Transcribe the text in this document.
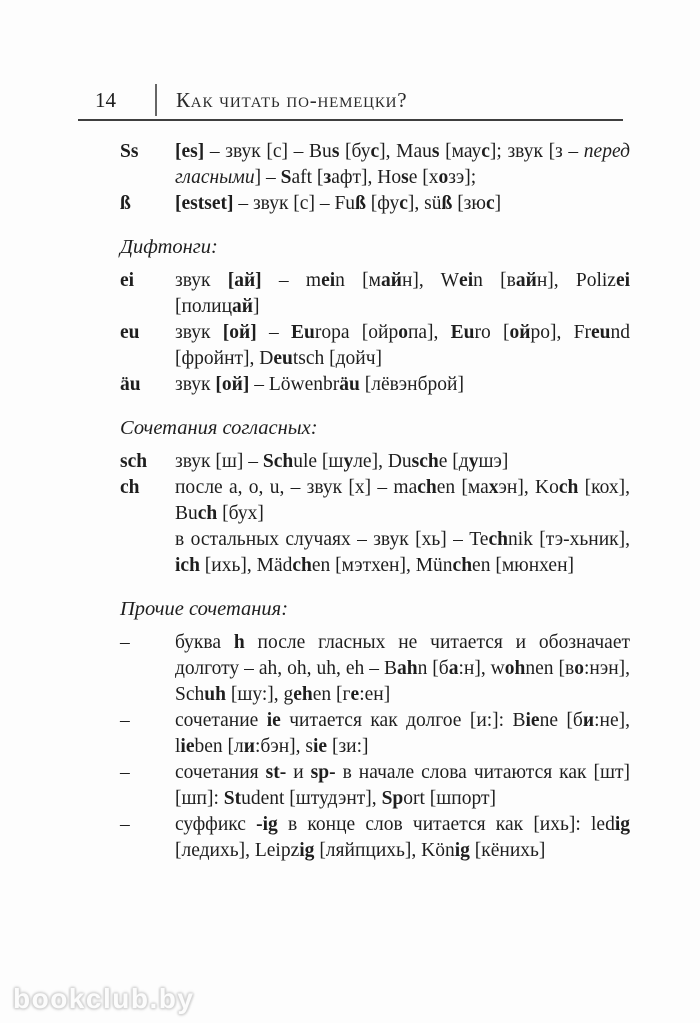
14	Как читать по-немецки?
Ss	[es] – звук [с] – Bus [бус], Maus [маус]; звук [з – перед гласными] – Saft [зафт], Hose [хозэ];

ß	[estset] – звук [с] – Fuß [фус], süß [зюс]

Дифтонги:
ei	звук [ай] – mein [майн], Wein [вайн], Polizei [полицай]

eu	звук [ой] – Europa [ойропа], Euro [ойро], Freund [фройнт], Deutsch [дойч]

äu	звук [ой] – Löwenbräu [лёвэнброй]

Сочетания согласных:
sch	звук [ш] – Schule [шуле], Dusche [душэ]

ch	после a, o, u, – звук [х] – machen [махэн], Koch [кох], Buch [бух]

в остальных случаях – звук [хь] – Technik [тэ-хьник], ich [ихь], Mädchen [мэтхен], München [мюнхен]

Прочие сочетания:
–	буква h после гласных не читается и обозначает долготу – ah, oh, uh, eh – Bahn [ба:н], wohnen [во:нэн], Schuh [шу:], gehen [ге:ен]

–	сочетание ie читается как долгое [и:]: Biene [би:не], lieben [ли:бэн], sie [зи:]

–	сочетания st- и sp- в начале слова читаются как [шт] [шп]: Student [штудэнт], Sport [шпорт]

–	суффикс -ig в конце слов читается как [ихь]: ledig [ледихь], Leipzig [ляйпцихь], König [кёнихь]

bookclub.by
